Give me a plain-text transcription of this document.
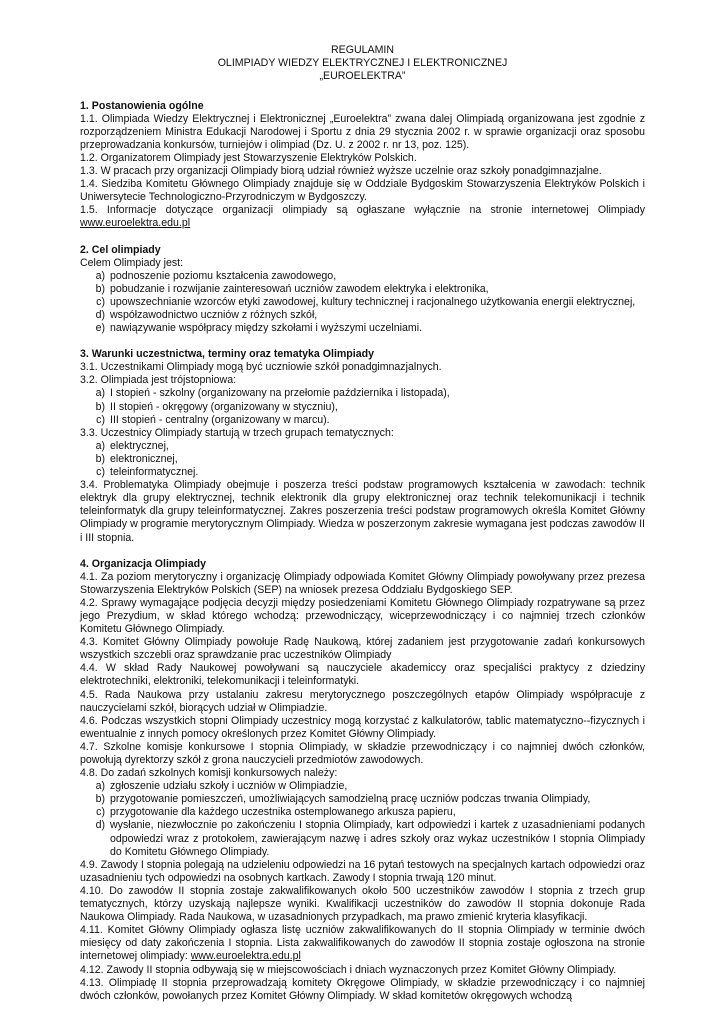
REGULAMIN
OLIMPIADY WIEDZY ELEKTRYCZNEJ I ELEKTRONICZNEJ
„EUROELEKTRA”
1. Postanowienia ogólne

1.1. Olimpiada Wiedzy Elektrycznej i Elektronicznej „Euroelektra” zwana dalej Olimpiadą organizowana jest zgodnie z rozporządzeniem Ministra Edukacji Narodowej i Sportu z dnia 29 stycznia 2002 r. w sprawie organizacji oraz sposobu przeprowadzania konkursów, turniejów i olimpiad (Dz. U. z 2002 r. nr 13, poz. 125).

1.2. Organizatorem Olimpiady jest Stowarzyszenie Elektryków Polskich.

1.3. W pracach przy organizacji Olimpiady biorą udział również wyższe uczelnie oraz szkoły ponadgimnazjalne.

1.4. Siedziba Komitetu Głównego Olimpiady znajduje się w Oddziale Bydgoskim Stowarzyszenia Elektryków Polskich i Uniwersytecie Technologiczno-Przyrodniczym w Bydgoszczy.

1.5. Informacje dotyczące organizacji olimpiady są ogłaszane wyłącznie na stronie internetowej Olimpiady www.euroelektra.edu.pl

2. Cel olimpiady

Celem Olimpiady jest:

a) podnoszenie poziomu kształcenia zawodowego,
b) pobudzanie i rozwijanie zainteresowań uczniów zawodem elektryka i elektronika,
c) upowszechnianie wzorców etyki zawodowej, kultury technicznej i racjonalnego użytkowania energii elektrycznej,
d) współzawodnictwo uczniów z różnych szkół,
e) nawiązywanie współpracy między szkołami i wyższymi uczelniami.
3. Warunki uczestnictwa, terminy oraz tematyka Olimpiady

3.1. Uczestnikami Olimpiady mogą być uczniowie szkół ponadgimnazjalnych.

3.2. Olimpiada jest trójstopniowa:

a) I stopień - szkolny (organizowany na przełomie października i listopada),
b) II stopień - okręgowy (organizowany w styczniu),
c) III stopień - centralny (organizowany w marcu).

3.3. Uczestnicy Olimpiady startują w trzech grupach tematycznych:

a) elektrycznej,
b) elektronicznej,
c) teleinformatycznej.

3.4. Problematyka Olimpiady obejmuje i poszerza treści podstaw programowych kształcenia w zawodach: technik elektryk dla grupy elektrycznej, technik elektronik dla grupy elektronicznej oraz technik telekomunikacji i technik teleinformatyk dla grupy teleinformatycznej. Zakres poszerzenia treści podstaw programowych określa Komitet Główny Olimpiady w programie merytorycznym Olimpiady. Wiedza w poszerzonym zakresie wymagana jest podczas zawodów II i III stopnia.

4. Organizacja Olimpiady

4.1. Za poziom merytoryczny i organizację Olimpiady odpowiada Komitet Główny Olimpiady powoływany przez prezesa Stowarzyszenia Elektryków Polskich (SEP) na wniosek prezesa Oddziału Bydgoskiego SEP.

4.2. Sprawy wymagające podjęcia decyzji między posiedzeniami Komitetu Głównego Olimpiady rozpatrywane są przez jego Prezydium, w skład którego wchodzą: przewodniczący, wiceprzewodniczący i co najmniej trzech członków Komitetu Głównego Olimpiady.

4.3. Komitet Główny Olimpiady powołuje Radę Naukową, której zadaniem jest przygotowanie zadań konkursowych wszystkich szczebli oraz sprawdzanie prac uczestników Olimpiady

4.4. W skład Rady Naukowej powoływani są nauczyciele akademiccy oraz specjaliści praktycy z dziedziny elektrotechniki, elektroniki, telekomunikacji i teleinformatyki.

4.5. Rada Naukowa przy ustalaniu zakresu merytorycznego poszczególnych etapów Olimpiady współpracuje z nauczycielami szkół, biorących udział w Olimpiadzie.

4.6. Podczas wszystkich stopni Olimpiady uczestnicy mogą korzystać z kalkulatorów, tablic matematyczno--fizycznych i ewentualnie z innych pomocy określonych przez Komitet Główny Olimpiady.

4.7. Szkolne komisje konkursowe I stopnia Olimpiady, w składzie przewodniczący i co najmniej dwóch członków, powołują dyrektorzy szkół z grona nauczycieli przedmiotów zawodowych.

4.8. Do zadań szkolnych komisji konkursowych należy:

a) zgłoszenie udziału szkoły i uczniów w Olimpiadzie,
b) przygotowanie pomieszczeń, umożliwiających samodzielną pracę uczniów podczas trwania Olimpiady,
c) przygotowanie dla każdego uczestnika ostemplowanego arkusza papieru,
d) wysłanie, niezwłocznie po zakończeniu I stopnia Olimpiady, kart odpowiedzi i kartek z uzasadnieniami podanych odpowiedzi wraz z protokołem, zawierającym nazwę i adres szkoły oraz wykaz uczestników I stopnia Olimpiady do Komitetu Głównego Olimpiady.

4.9. Zawody I stopnia polegają na udzieleniu odpowiedzi na 16 pytań testowych na specjalnych kartach odpowiedzi oraz uzasadnieniu tych odpowiedzi na osobnych kartkach. Zawody I stopnia trwają 120 minut.

4.10. Do zawodów II stopnia zostaje zakwalifikowanych około 500 uczestników zawodów I stopnia z trzech grup tematycznych, którzy uzyskają najlepsze wyniki. Kwalifikacji uczestników do zawodów II stopnia dokonuje Rada Naukowa Olimpiady. Rada Naukowa, w uzasadnionych przypadkach, ma prawo zmienić kryteria klasyfikacji.

4.11. Komitet Główny Olimpiady ogłasza listę uczniów zakwalifikowanych do II stopnia Olimpiady w terminie dwóch miesięcy od daty zakończenia I stopnia. Lista zakwalifikowanych do zawodów II stopnia zostaje ogłoszona na stronie internetowej olimpiady: www.euroelektra.edu.pl

4.12. Zawody II stopnia odbywają się w miejscowościach i dniach wyznaczonych przez Komitet Główny Olimpiady.

4.13. Olimpiadę II stopnia przeprowadzają komitety Okręgowe Olimpiady, w składzie przewodniczący i co najmniej dwóch członków, powołanych przez Komitet Główny Olimpiady. W skład komitetów okręgowych wchodzą
